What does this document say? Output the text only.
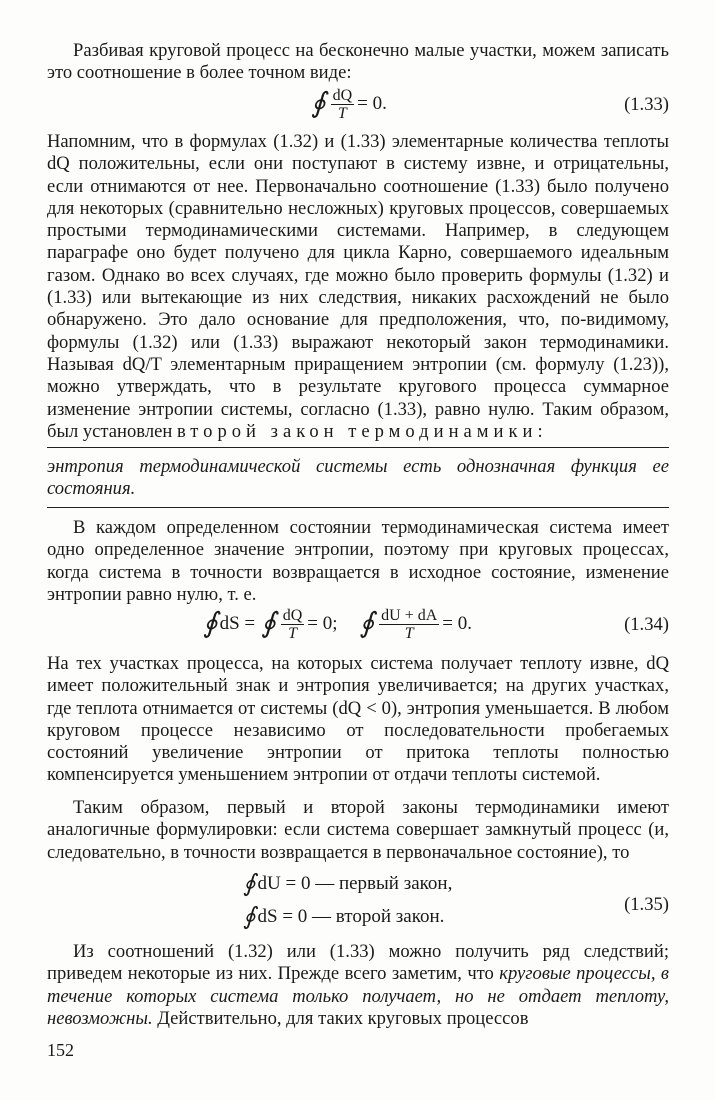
Разбивая круговой процесс на бесконечно малые участки, можем записать это соотношение в более точном виде:

∮ $\frac{dQ}{T} = 0$.	(1.33)

Напомним, что в формулах (1.32) и (1.33) элементарные количества теплоты dQ положительны, если они поступают в систему извне, и отрицательны, если отнимаются от нее. Первоначально соотношение (1.33) было получено для некоторых (сравнительно несложных) круговых процессов, совершаемых простыми термодинамическими системами. Например, в следующем параграфе оно будет получено для цикла Карно, совершаемого идеальным газом. Однако во всех случаях, где можно было проверить формулы (1.32) и (1.33) или вытекающие из них следствия, никаких расхождений не было обнаружено. Это дало основание для предположения, что, по-видимому, формулы (1.32) или (1.33) выражают некоторый закон термодинамики. Называя dQ/T элементарным приращением энтропии (см. формулу (1.23)), можно утверждать, что в результате кругового процесса суммарное изменение энтропии системы, согласно (1.33), равно нулю. Таким образом, был установлен второй закон термодинамики:

энтропия термодинамической системы есть однозначная функция ее состояния.

В каждом определенном состоянии термодинамическая система имеет одно определенное значение энтропии, поэтому при круговых процессах, когда система в точности возвращается в исходное состояние, изменение энтропии равно нулю, т. е.

∮ dS = ∮ $\frac{dQ}{T} = 0$; ∮ $\frac{dU + dA}{T} = 0$.	(1.34)

На тех участках процесса, на которых система получает теплоту извне, dQ имеет положительный знак и энтропия увеличивается; на других участках, где теплота отнимается от системы (dQ < 0), энтропия уменьшается. В любом круговом процессе независимо от последовательности пробегаемых состояний увеличение энтропии от притока теплоты полностью компенсируется уменьшением энтропии от отдачи теплоты системой.

Таким образом, первый и второй законы термодинамики имеют аналогичные формулировки: если система совершает замкнутый процесс (и, следовательно, в точности возвращается в первоначальное состояние), то

∮ dU = 0 — первый закон,
∮ dS = 0 — второй закон.
(1.35)

Из соотношений (1.32) или (1.33) можно получить ряд следствий; приведем некоторые из них. Прежде всего заметим, что круговые процессы, в течение которых система только получает, но не отдает теплоту, невозможны. Действительно, для таких круговых процессов

152
